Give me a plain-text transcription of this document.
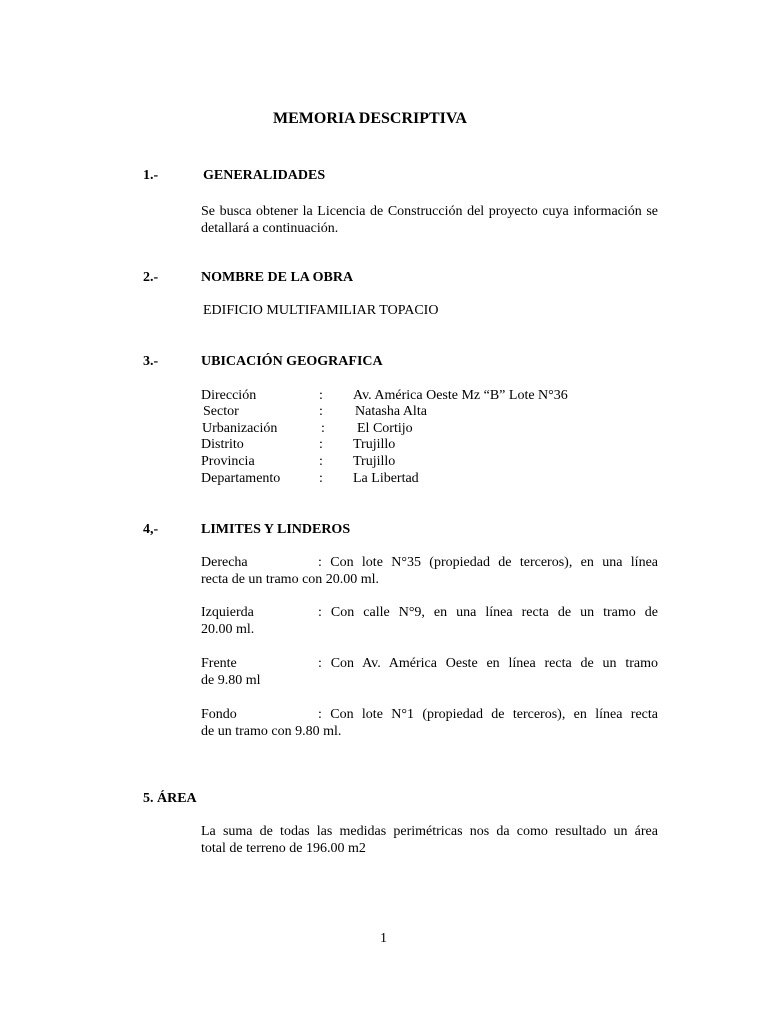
MEMORIA DESCRIPTIVA
1.-	GENERALIDADES
Se busca obtener la Licencia de Construcción del proyecto cuya información se detallará a continuación.
2.-	NOMBRE DE LA OBRA
EDIFICIO MULTIFAMILIAR TOPACIO
3.-	UBICACIÓN GEOGRAFICA
Dirección	: Av. América Oeste Mz “B” Lote N°36
Sector	: Natasha Alta
Urbanización	: El Cortijo
Distrito	: Trujillo
Provincia	: Trujillo
Departamento	: La Libertad
4,-	LIMITES Y LINDEROS
Derecha	: Con lote N°35 (propiedad de terceros), en una línea
recta de un tramo con 20.00 ml.
Izquierda	: Con calle N°9, en una línea recta de un tramo de
20.00 ml.
Frente	: Con Av. América Oeste en línea recta de un tramo
de 9.80 ml
Fondo	: Con lote N°1 (propiedad de terceros), en línea recta
de un tramo con 9.80 ml.
5. ÁREA
La suma de todas las medidas perimétricas nos da como resultado un área
total de terreno de 196.00 m2
1
